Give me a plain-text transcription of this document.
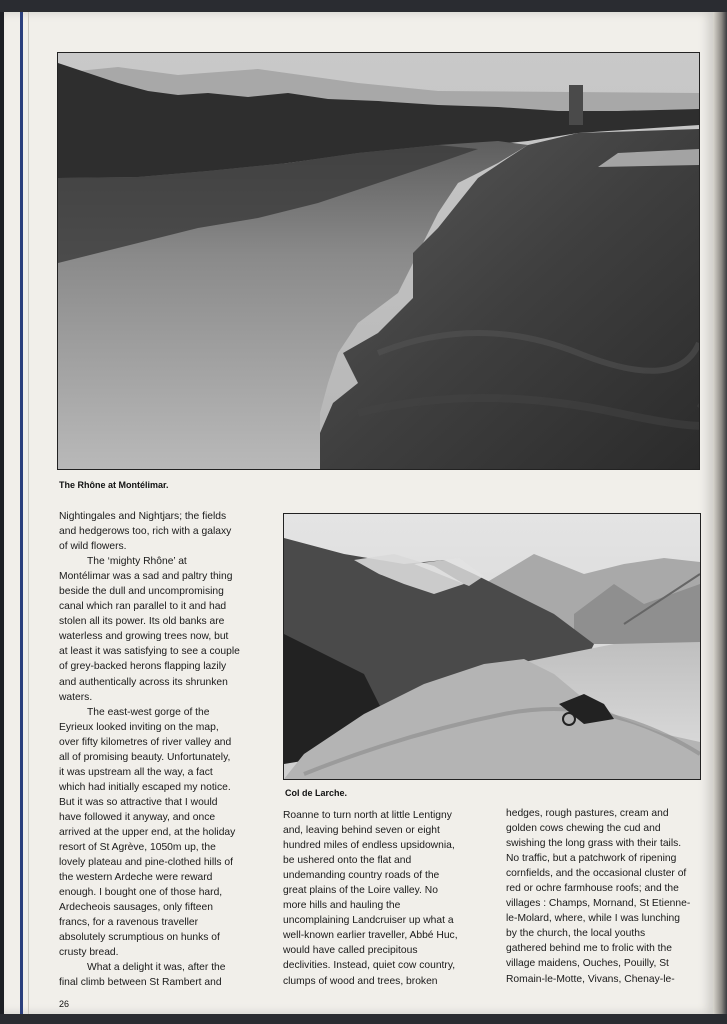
The Rhône at Montélimar.
Col de Larche.
Nightingales and Nightjars; the fields
and hedgerows too, rich with a galaxy
of wild flowers.
The ‘mighty Rhône’ at
Montélimar was a sad and paltry thing
beside the dull and uncompromising
canal which ran parallel to it and had
stolen all its power. Its old banks are
waterless and growing trees now, but
at least it was satisfying to see a couple
of grey-backed herons flapping lazily
and authentically across its shrunken
waters.
The east-west gorge of the
Eyrieux looked inviting on the map,
over fifty kilometres of river valley and
all of promising beauty. Unfortunately,
it was upstream all the way, a fact
which had initially escaped my notice.
But it was so attractive that I would
have followed it anyway, and once
arrived at the upper end, at the holiday
resort of St Agrève, 1050m up, the
lovely plateau and pine-clothed hills of
the western Ardeche were reward
enough. I bought one of those hard,
Ardecheois sausages, only fifteen
francs, for a ravenous traveller
absolutely scrumptious on hunks of
crusty bread.
What a delight it was, after the
final climb between St Rambert and
Roanne to turn north at little Lentigny
and, leaving behind seven or eight
hundred miles of endless upsidownia,
be ushered onto the flat and
undemanding country roads of the
great plains of the Loire valley. No
more hills and hauling the
uncomplaining Landcruiser up what a
well-known earlier traveller, Abbé Huc,
would have called precipitous
declivities. Instead, quiet cow country,
clumps of wood and trees, broken
hedges, rough pastures, cream and
golden cows chewing the cud and
swishing the long grass with their tails.
No traffic, but a patchwork of ripening
cornfields, and the occasional cluster of
red or ochre farmhouse roofs; and the
villages : Champs, Mornand, St Etienne-
le-Molard, where, while I was lunching
by the church, the local youths
gathered behind me to frolic with the
village maidens, Ouches, Pouilly, St
Romain-le-Motte, Vivans, Chenay-le-
26
